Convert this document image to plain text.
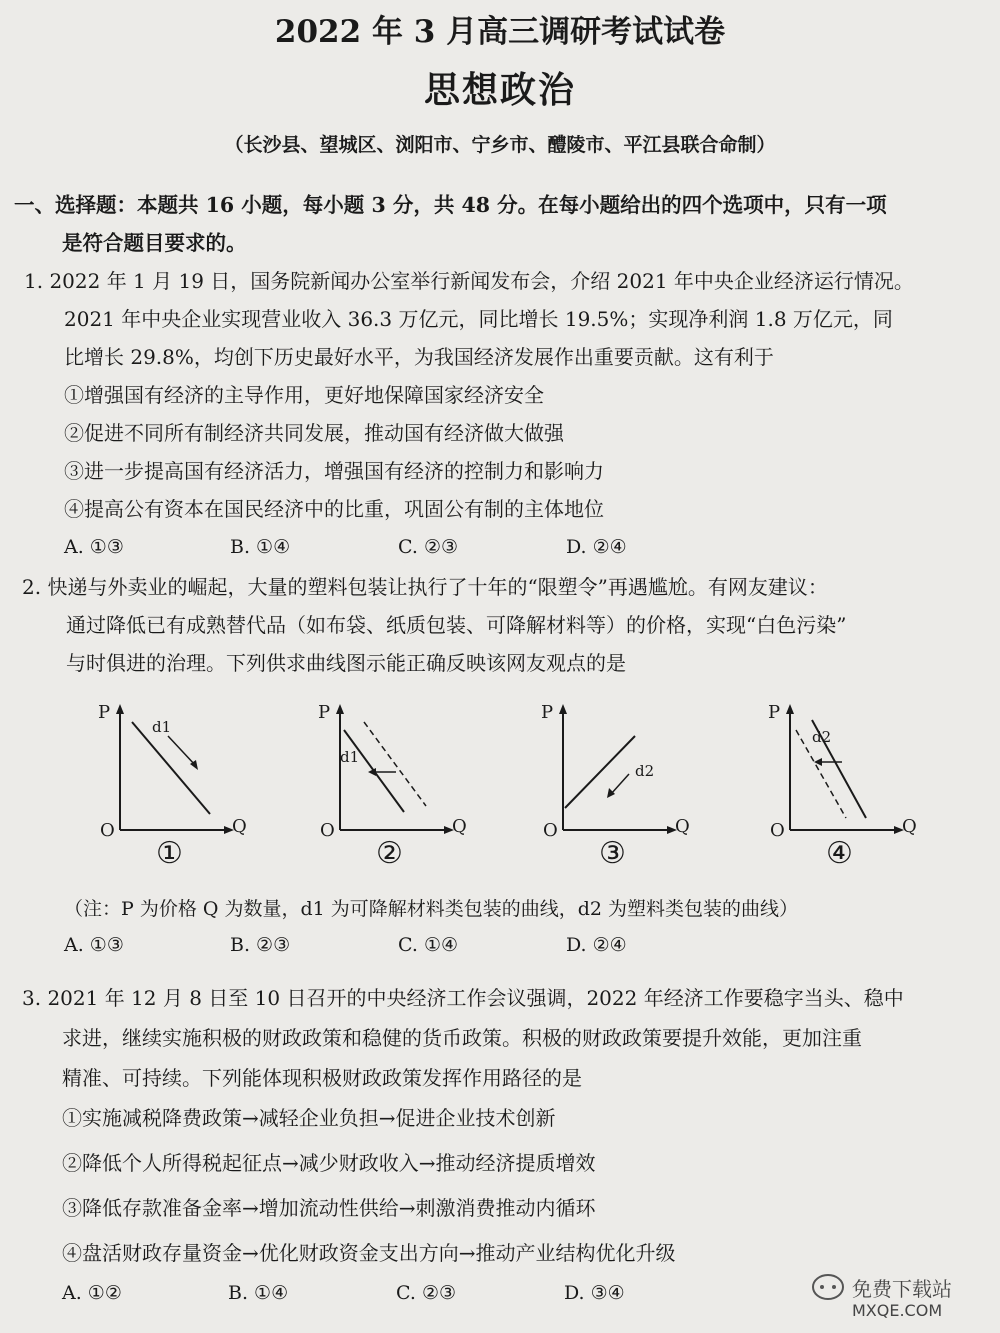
2022 年 3 月高三调研考试试卷
思想政治
（长沙县、望城区、浏阳市、宁乡市、醴陵市、平江县联合命制）
一、选择题：本题共 16 小题，每小题 3 分，共 48 分。在每小题给出的四个选项中，只有一项
是符合题目要求的。
1. 2022 年 1 月 19 日，国务院新闻办公室举行新闻发布会，介绍 2021 年中央企业经济运行情况。
2021 年中央企业实现营业收入 36.3 万亿元，同比增长 19.5%；实现净利润 1.8 万亿元，同
比增长 29.8%，均创下历史最好水平，为我国经济发展作出重要贡献。这有利于
①增强国有经济的主导作用，更好地保障国家经济安全
②促进不同所有制经济共同发展，推动国有经济做大做强
③进一步提高国有经济活力，增强国有经济的控制力和影响力
④提高公有资本在国民经济中的比重，巩固公有制的主体地位
A. ①③	B. ①④	C. ②③	D. ②④
2. 快递与外卖业的崛起，大量的塑料包装让执行了十年的“限塑令”再遇尴尬。有网友建议：
通过降低已有成熟替代品（如布袋、纸质包装、可降解材料等）的价格，实现“白色污染”
与时俱进的治理。下列供求曲线图示能正确反映该网友观点的是
P
d1
O	Q
①
P
d1
O	Q
②
P
d2
O	Q
③
P
d2
O	Q
④
（注：P 为价格 Q 为数量，d1 为可降解材料类包装的曲线，d2 为塑料类包装的曲线）
A. ①③	B. ②③	C. ①④	D. ②④
3. 2021 年 12 月 8 日至 10 日召开的中央经济工作会议强调，2022 年经济工作要稳字当头、稳中
求进，继续实施积极的财政政策和稳健的货币政策。积极的财政政策要提升效能，更加注重
精准、可持续。下列能体现积极财政政策发挥作用路径的是
①实施减税降费政策→减轻企业负担→促进企业技术创新
②降低个人所得税起征点→减少财政收入→推动经济提质增效
③降低存款准备金率→增加流动性供给→刺激消费推动内循环
④盘活财政存量资金→优化财政资金支出方向→推动产业结构优化升级
A. ①②	B. ①④	C. ②③	D. ③④	免费下载站
MXQE.COM
